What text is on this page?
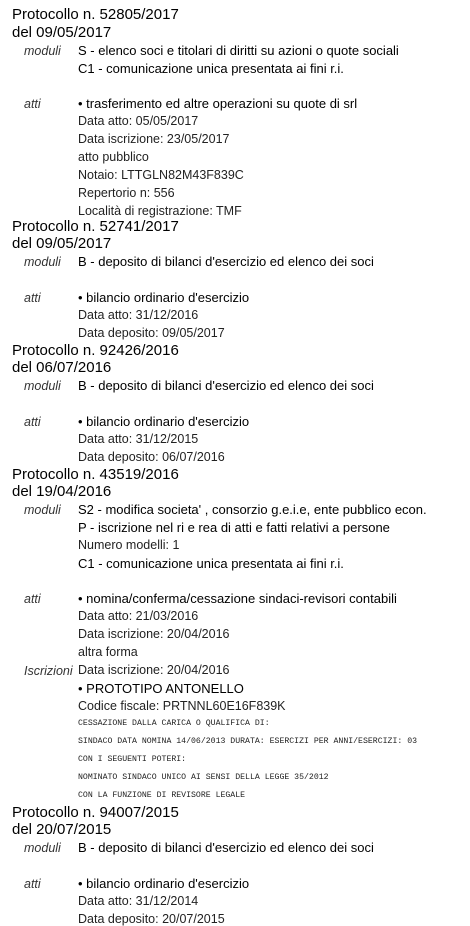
Protocollo n. 52805/2017
del 09/05/2017
moduli S - elenco soci e titolari di diritti su azioni o quote sociali
C1 - comunicazione unica presentata ai fini r.i.
atti	• trasferimento ed altre operazioni su quote di srl
Data atto: 05/05/2017
Data iscrizione: 23/05/2017
atto pubblico
Notaio: LTTGLN82M43F839C
Repertorio n: 556
Località di registrazione: TMF
Protocollo n. 52741/2017
del 09/05/2017
moduli B - deposito di bilanci d'esercizio ed elenco dei soci
atti	• bilancio ordinario d'esercizio
Data atto: 31/12/2016
Data deposito: 09/05/2017
Protocollo n. 92426/2016
del 06/07/2016
moduli B - deposito di bilanci d'esercizio ed elenco dei soci
atti	• bilancio ordinario d'esercizio
Data atto: 31/12/2015
Data deposito: 06/07/2016
Protocollo n. 43519/2016
del 19/04/2016
moduli S2 - modifica societa' , consorzio g.e.i.e, ente pubblico econ.
P - iscrizione nel ri e rea di atti e fatti relativi a persone
Numero modelli: 1
C1 - comunicazione unica presentata ai fini r.i.
atti	• nomina/conferma/cessazione sindaci-revisori contabili
Data atto: 21/03/2016
Data iscrizione: 20/04/2016
altra forma
Iscrizioni Data iscrizione: 20/04/2016
• PROTOTIPO ANTONELLO
Codice fiscale: PRTNNL60E16F839K
CESSAZIONE DALLA CARICA O QUALIFICA DI:
SINDACO DATA NOMINA 14/06/2013 DURATA: ESERCIZI PER ANNI/ESERCIZI: 03
CON I SEGUENTI POTERI:
NOMINATO SINDACO UNICO AI SENSI DELLA LEGGE 35/2012
CON LA FUNZIONE DI REVISORE LEGALE
Protocollo n. 94007/2015
del 20/07/2015
moduli B - deposito di bilanci d'esercizio ed elenco dei soci
atti	• bilancio ordinario d'esercizio
Data atto: 31/12/2014
Data deposito: 20/07/2015
